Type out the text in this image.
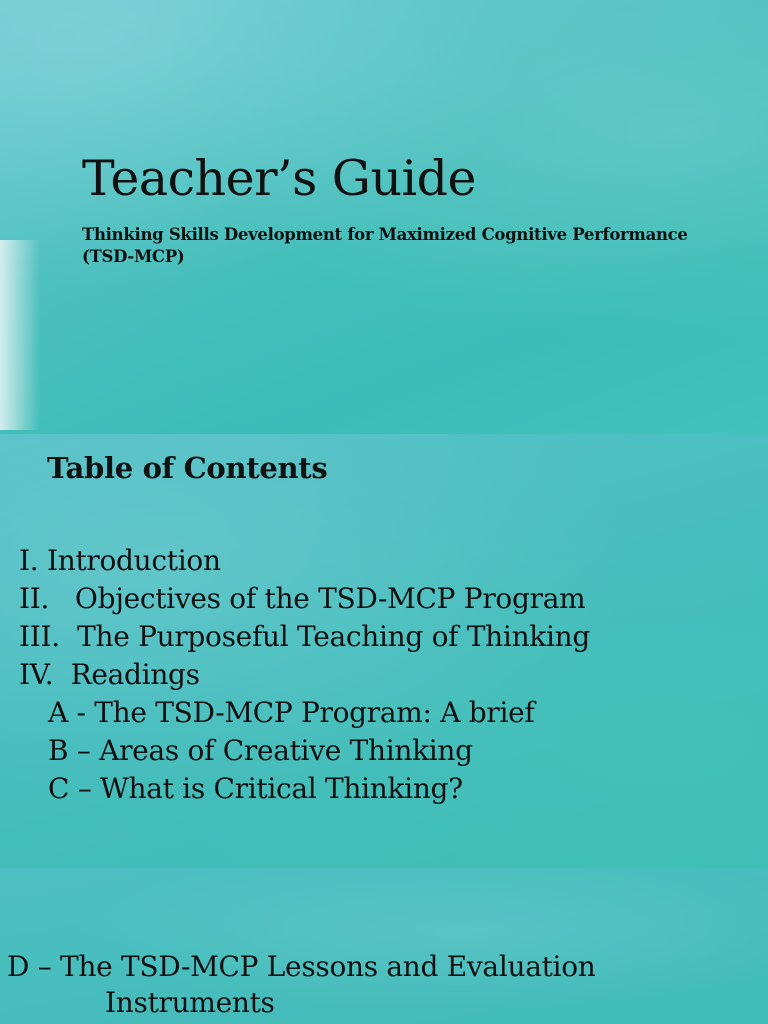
Teacher’s Guide

Thinking Skills Development for Maximized Cognitive Performance (TSD-MCP)

Table of Contents
I. Introduction
II.   Objectives of the TSD-MCP Program
III.  The Purposeful Teaching of Thinking
IV.  Readings
A - The TSD-MCP Program: A brief
B – Areas of Creative Thinking
C – What is Critical Thinking?

D – The TSD-MCP Lessons and Evaluation

Instruments
